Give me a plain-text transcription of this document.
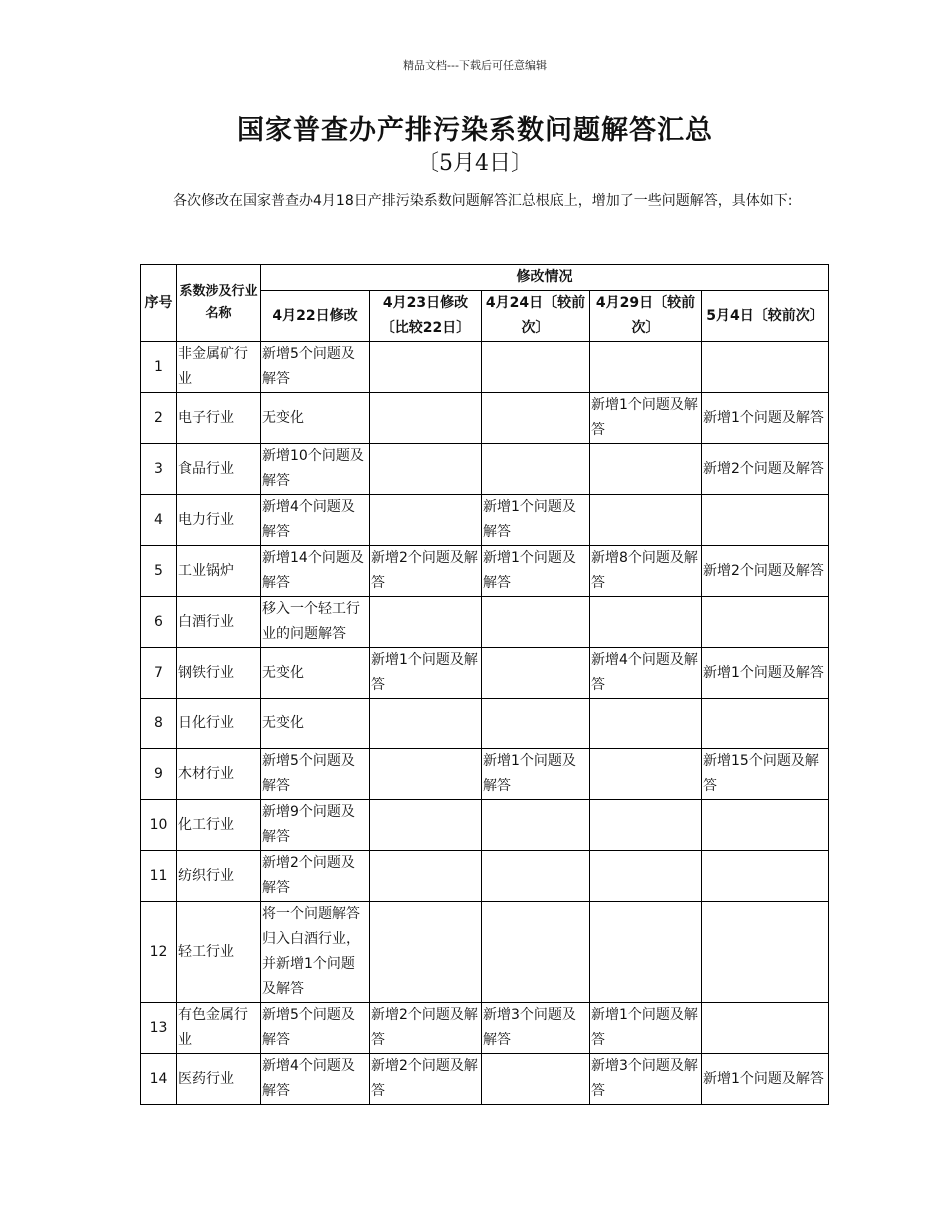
精品文档---下载后可任意编辑
国家普查办产排污染系数问题解答汇总
〔5月4日〕
各次修改在国家普查办4月18日产排污染系数问题解答汇总根底上，增加了一些问题解答，具体如下:
序号	系数涉及行业名称	修改情况				
		4月22日修改	4月23日修改〔比较22日〕	4月24日〔较前次〕	4月29日〔较前次〕	5月4日〔较前次〕
1	非金属矿行业	新增5个问题及解答				
2	电子行业	无变化			新增1个问题及解答	新增1个问题及解答
3	食品行业	新增10个问题及解答				新增2个问题及解答
4	电力行业	新增4个问题及解答		新增1个问题及解答		
5	工业锅炉	新增14个问题及解答	新增2个问题及解答	新增1个问题及解答	新增8个问题及解答	新增2个问题及解答
6	白酒行业	移入一个轻工行业的问题解答				
7	钢铁行业	无变化	新增1个问题及解答		新增4个问题及解答	新增1个问题及解答
8	日化行业	无变化				
9	木材行业	新增5个问题及解答		新增1个问题及解答		新增15个问题及解答
10	化工行业	新增9个问题及解答				
11	纺织行业	新增2个问题及解答				
12	轻工行业	将一个问题解答归入白酒行业，并新增1个问题及解答				
13	有色金属行业	新增5个问题及解答	新增2个问题及解答	新增3个问题及解答	新增1个问题及解答	
14	医药行业	新增4个问题及解答	新增2个问题及解答		新增3个问题及解答	新增1个问题及解答
